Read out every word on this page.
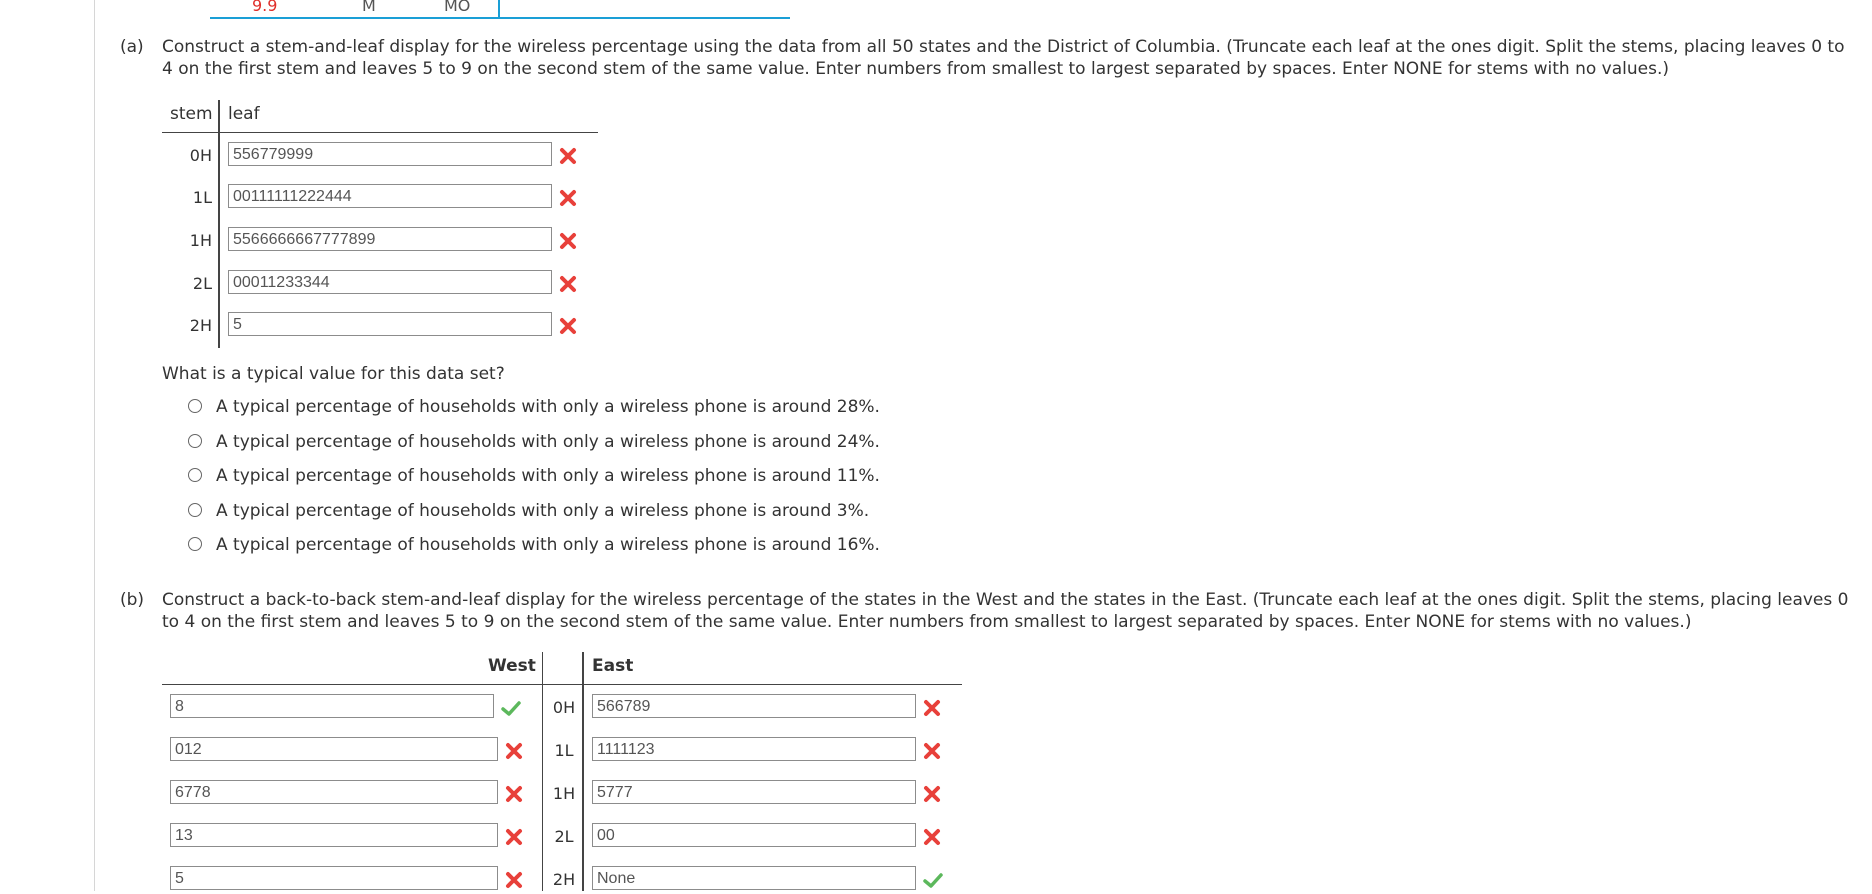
9.9	M	MO
(a)	Construct a stem-and-leaf display for the wireless percentage using the data from all 50 states and the District of Columbia. (Truncate each leaf at the ones digit. Split the stems, placing leaves 0 to 4 on the first stem and leaves 5 to 9 on the second stem of the same value. Enter numbers from smallest to largest separated by spaces. Enter NONE for stems with no values.)
stem leaf
0H	556779999
1L	00111111222444
1H	5566666667777899
2L	00011233344
2H	5
What is a typical value for this data set?
A typical percentage of households with only a wireless phone is around 28%.
A typical percentage of households with only a wireless phone is around 24%.
A typical percentage of households with only a wireless phone is around 11%.
A typical percentage of households with only a wireless phone is around 3%.
A typical percentage of households with only a wireless phone is around 16%.
(b)	Construct a back-to-back stem-and-leaf display for the wireless percentage of the states in the West and the states in the East. (Truncate each leaf at the ones digit. Split the stems, placing leaves 0 to 4 on the first stem and leaves 5 to 9 on the second stem of the same value. Enter numbers from smallest to largest separated by spaces. Enter NONE for stems with no values.)
West	East
8	0H	566789
012	1L	1111123
6778	1H	5777
13	2L	00
5	2H	None
